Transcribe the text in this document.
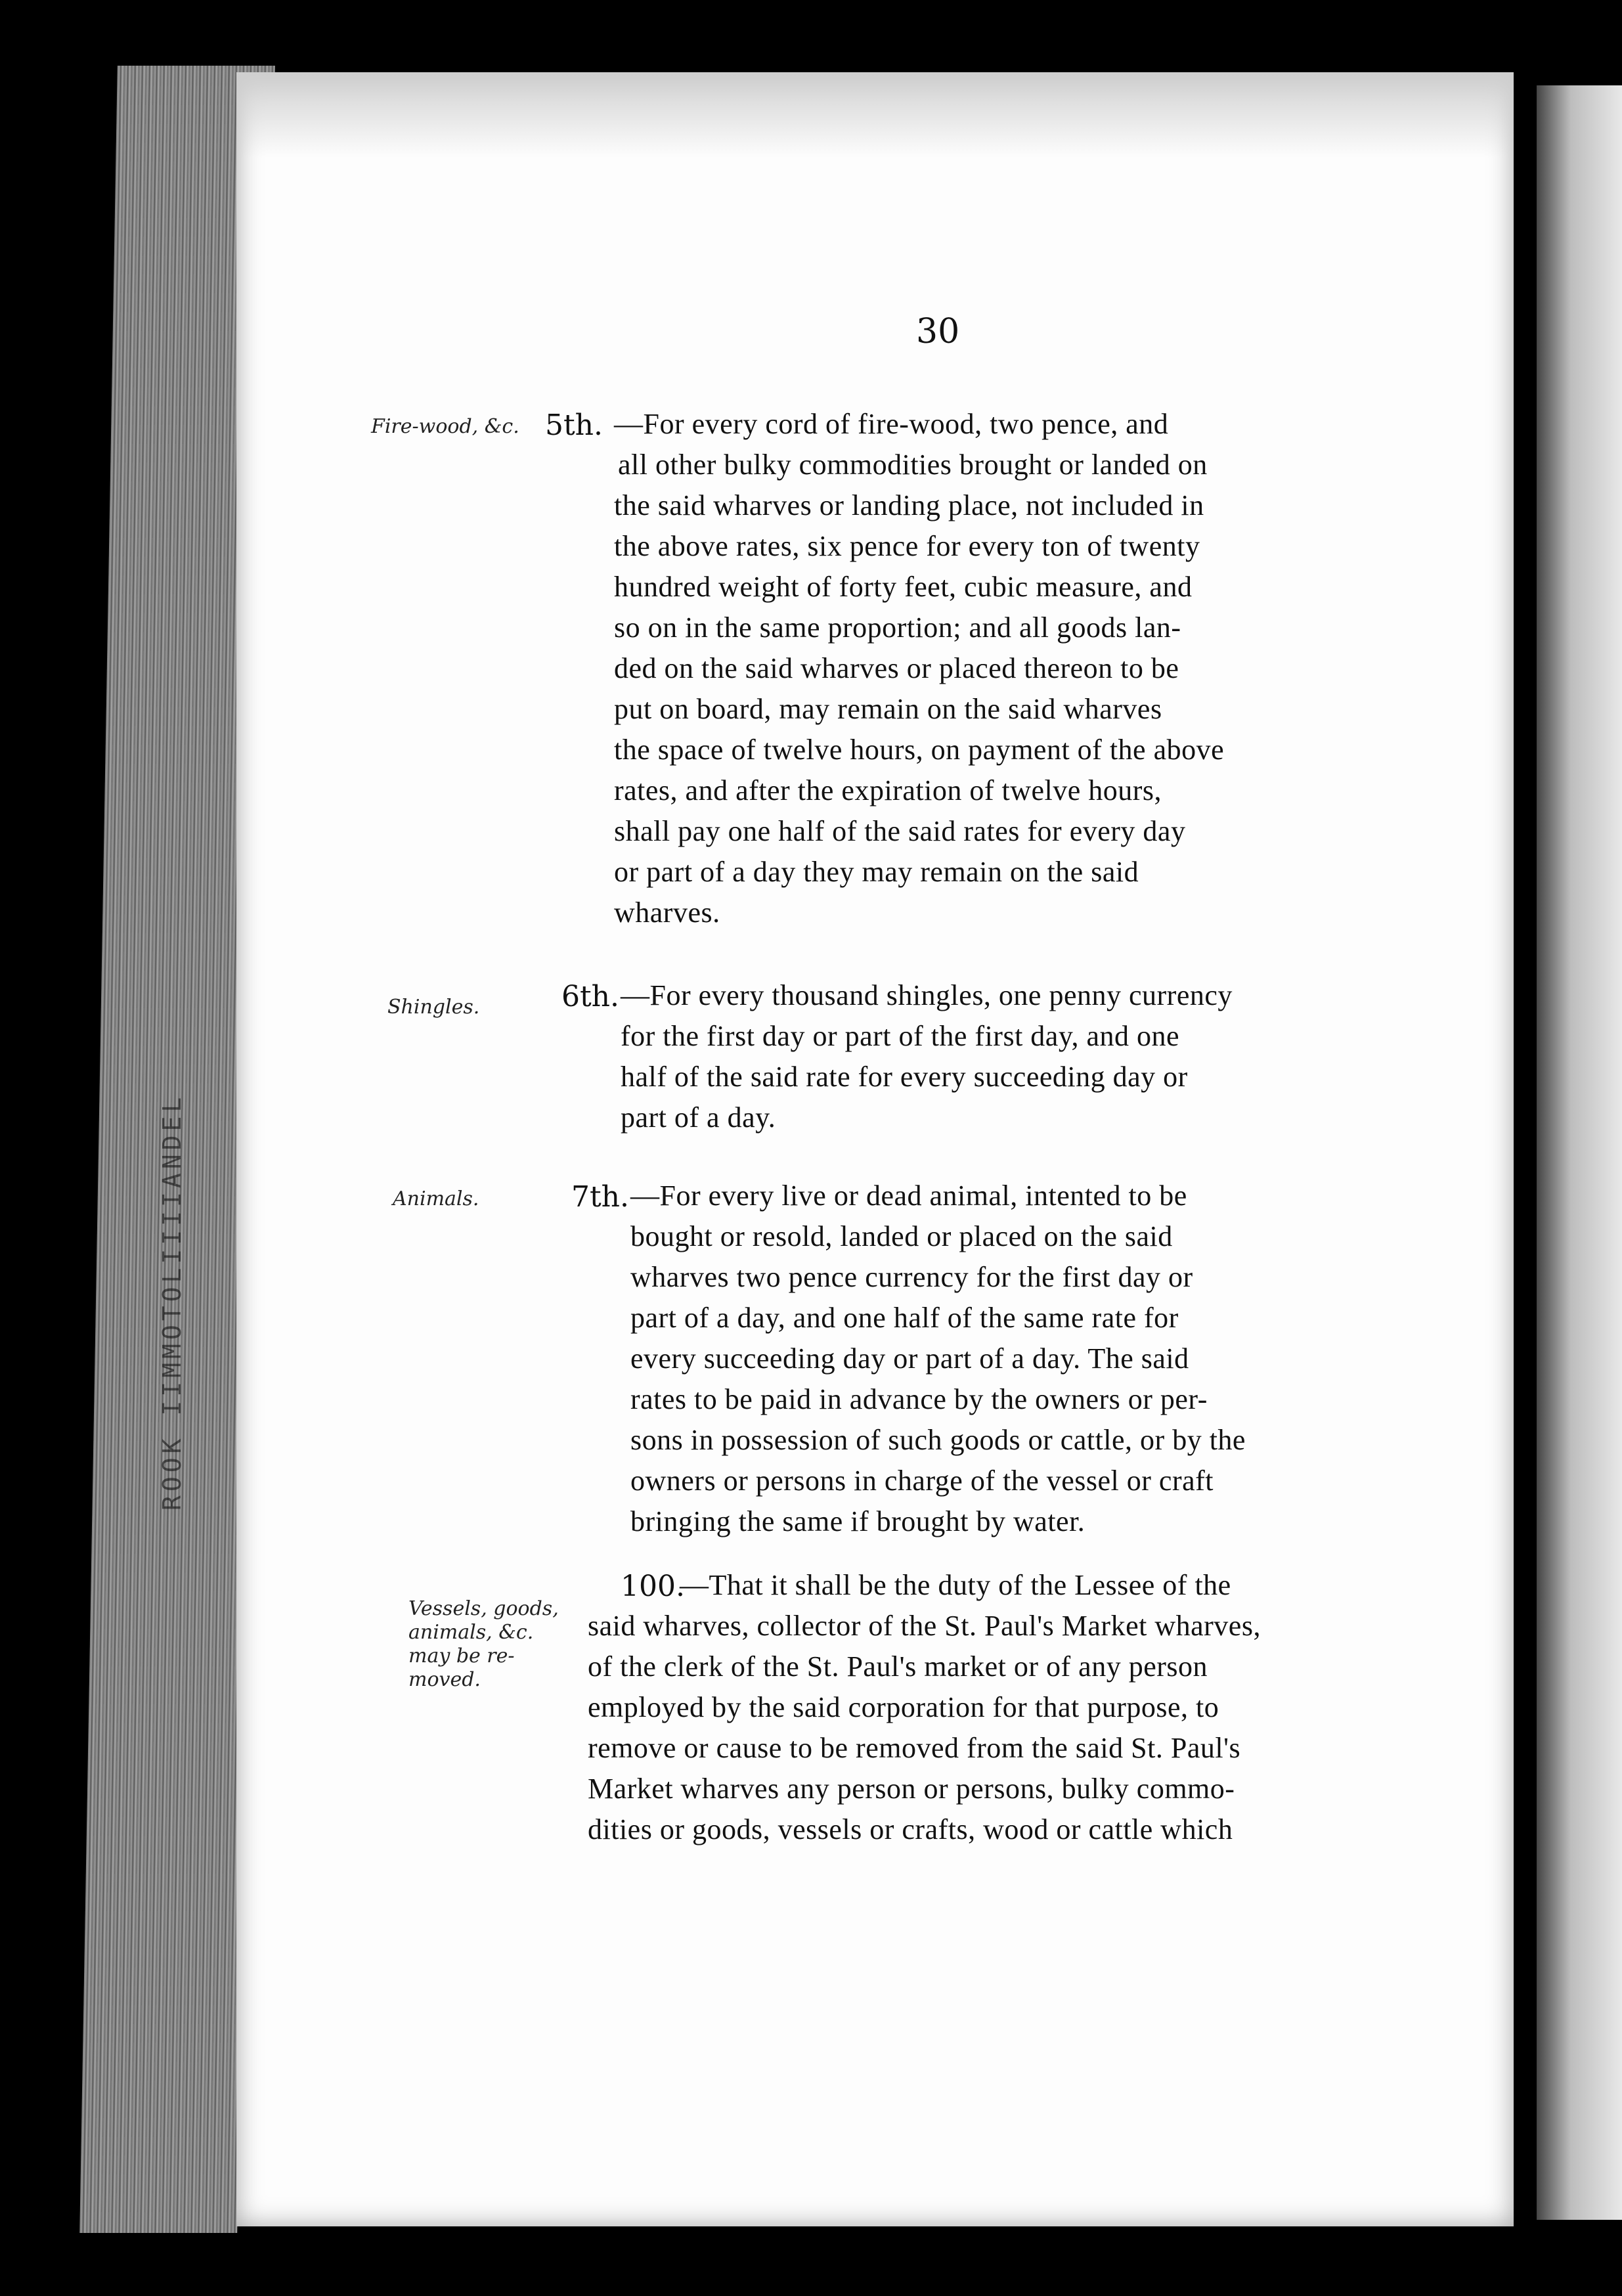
ROOK IIMMOTOLIIIIANDEL
30
Fire-wood, &c. 5th. —For every cord of fire-wood, two pence, and
all other bulky commodities brought or landed on
the said wharves or landing place, not included in
the above rates, six pence for every ton of twenty
hundred weight of forty feet, cubic measure, and
so on in the same proportion; and all goods lan-
ded on the said wharves or placed thereon to be
put on board, may remain on the said wharves
the space of twelve hours, on payment of the above
rates, and after the expiration of twelve hours,
shall pay one half of the said rates for every day
or part of a day they may remain on the said
wharves.
Shingles.	6th. —For every thousand shingles, one penny currency
for the first day or part of the first day, and one
half of the said rate for every succeeding day or
part of a day.
Animals.	7th. —For every live or dead animal, intented to be
bought or resold, landed or placed on the said
wharves two pence currency for the first day or
part of a day, and one half of the same rate for
every succeeding day or part of a day. The said
rates to be paid in advance by the owners or per-
sons in possession of such goods or cattle, or by the
owners or persons in charge of the vessel or craft
bringing the same if brought by water.
Vessels, goods,
animals, &c.
may be re-
moved.
100.
—That it shall be the duty of the Lessee of the
said wharves, collector of the St. Paul's Market wharves,
of the clerk of the St. Paul's market or of any person
employed by the said corporation for that purpose, to
remove or cause to be removed from the said St. Paul's
Market wharves any person or persons, bulky commo-
dities or goods, vessels or crafts, wood or cattle which
